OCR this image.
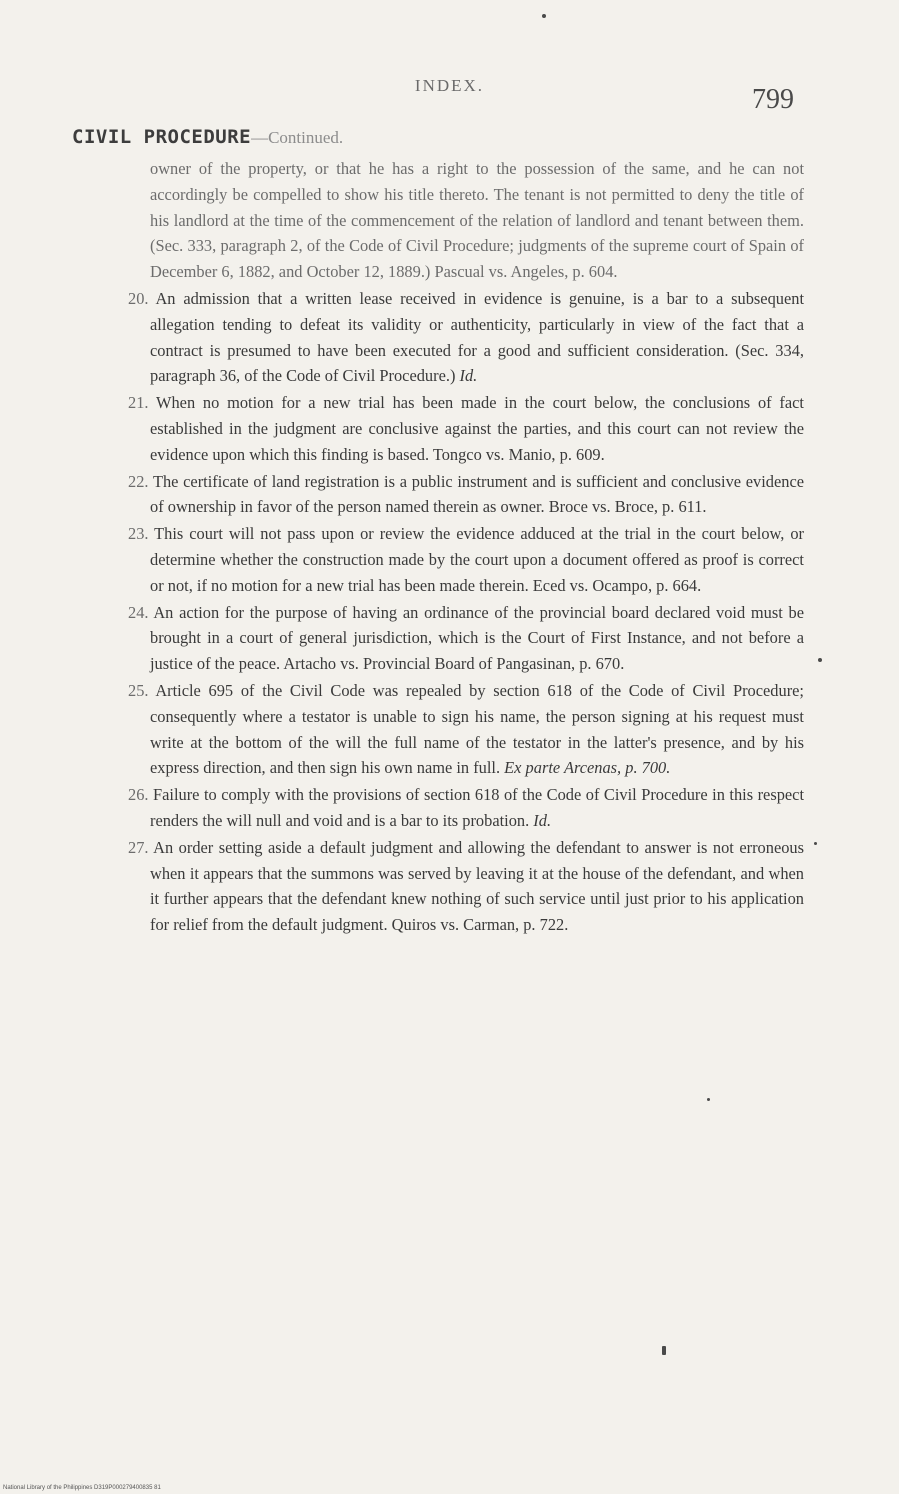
INDEX.	799
CIVIL PROCEDURE—Continued.

owner of the property, or that he has a right to the possession of the same, and he can not accordingly be compelled to show his title thereto. The tenant is not permitted to deny the title of his landlord at the time of the commencement of the relation of landlord and tenant between them. (Sec. 333, paragraph 2, of the Code of Civil Procedure; judgments of the supreme court of Spain of December 6, 1882, and October 12, 1889.) Pascual vs. Angeles, p. 604.

20. An admission that a written lease received in evidence is genuine, is a bar to a subsequent allegation tending to defeat its validity or authenticity, particularly in view of the fact that a contract is presumed to have been executed for a good and sufficient consideration. (Sec. 334, paragraph 36, of the Code of Civil Procedure.) Id.

21. When no motion for a new trial has been made in the court below, the conclusions of fact established in the judgment are conclusive against the parties, and this court can not review the evidence upon which this finding is based. Tongco vs. Manio, p. 609.

22. The certificate of land registration is a public instrument and is sufficient and conclusive evidence of ownership in favor of the person named therein as owner. Broce vs. Broce, p. 611.

23. This court will not pass upon or review the evidence adduced at the trial in the court below, or determine whether the construction made by the court upon a document offered as proof is correct or not, if no motion for a new trial has been made therein. Eced vs. Ocampo, p. 664.

24. An action for the purpose of having an ordinance of the provincial board declared void must be brought in a court of general jurisdiction, which is the Court of First Instance, and not before a justice of the peace. Artacho vs. Provincial Board of Pangasinan, p. 670.

25. Article 695 of the Civil Code was repealed by section 618 of the Code of Civil Procedure; consequently where a testator is unable to sign his name, the person signing at his request must write at the bottom of the will the full name of the testator in the latter's presence, and by his express direction, and then sign his own name in full. Ex parte Arcenas, p. 700.

26. Failure to comply with the provisions of section 618 of the Code of Civil Procedure in this respect renders the will null and void and is a bar to its probation. Id.

27. An order setting aside a default judgment and allowing the defendant to answer is not erroneous when it appears that the summons was served by leaving it at the house of the defendant, and when it further appears that the defendant knew nothing of such service until just prior to his application for relief from the default judgment. Quiros vs. Carman, p. 722.

National Library of the Philippines D319P000279400835 81
